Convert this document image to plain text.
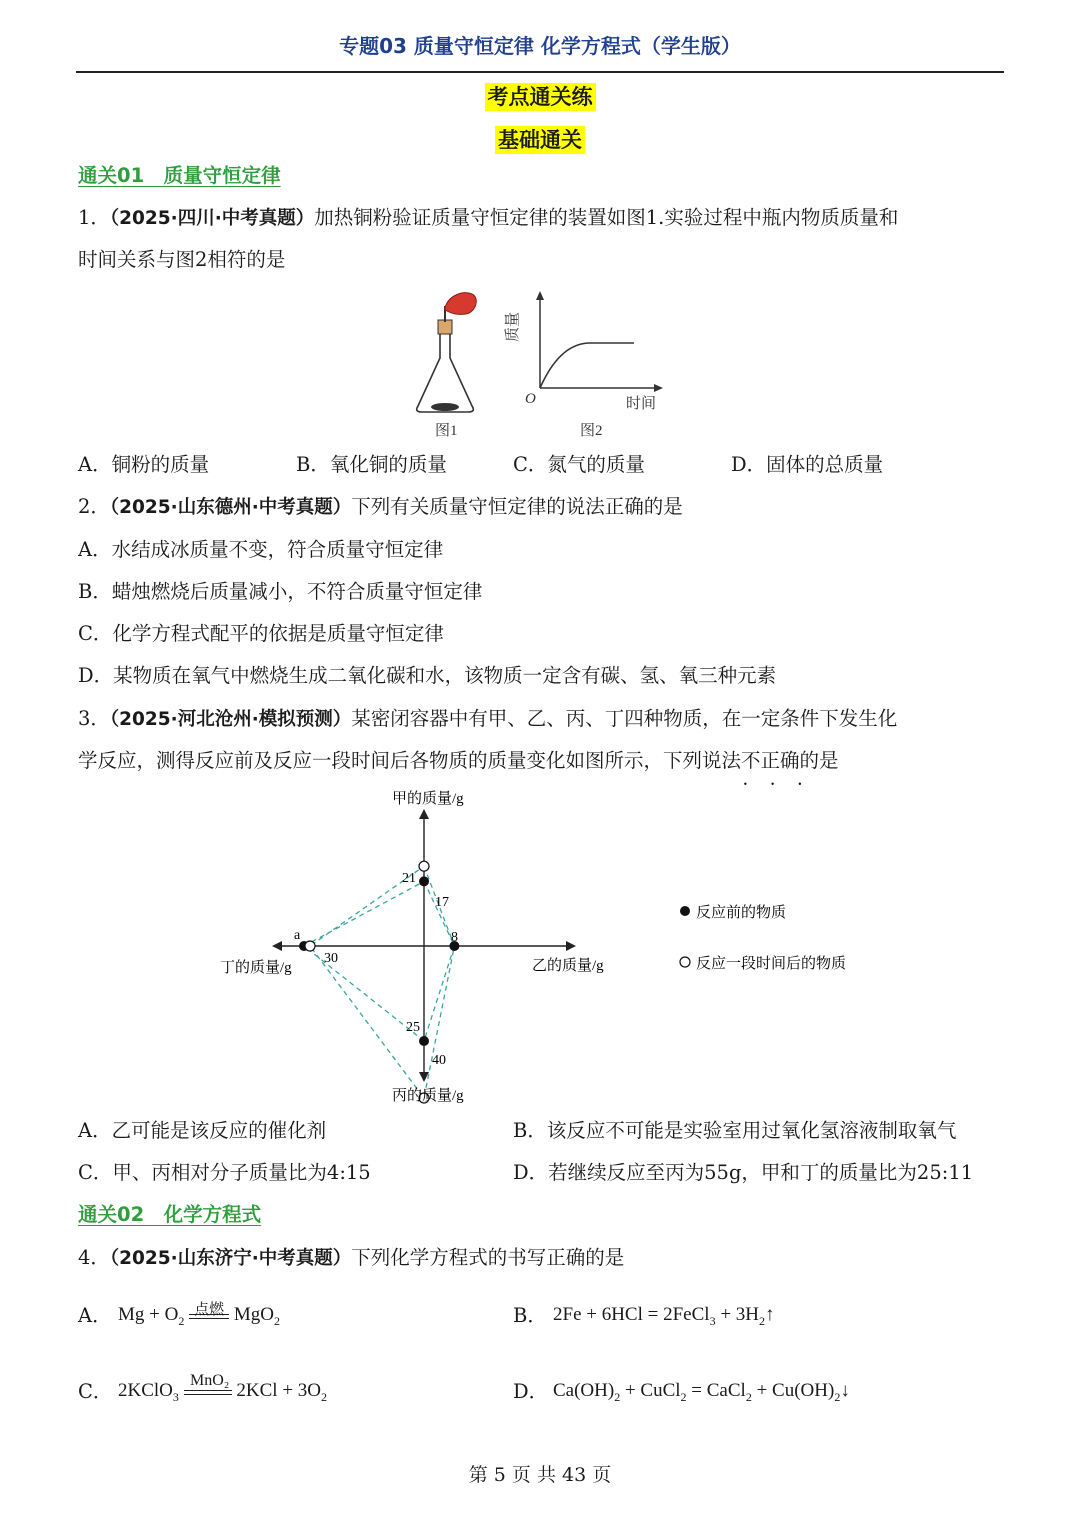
专题03 质量守恒定律 化学方程式（学生版）
考点通关练
基础通关
通关01　质量守恒定律
1．（2025·四川·中考真题）加热铜粉验证质量守恒定律的装置如图1.实验过程中瓶内物质质量和
时间关系与图2相符的是
图1
质量
O	时间
图2
A．铜粉的质量	B．氧化铜的质量	C．氮气的质量	D．固体的总质量
2．（2025·山东德州·中考真题）下列有关质量守恒定律的说法正确的是
A．水结成冰质量不变，符合质量守恒定律
B．蜡烛燃烧后质量减小，不符合质量守恒定律
C．化学方程式配平的依据是质量守恒定律
D．某物质在氧气中燃烧生成二氧化碳和水，该物质一定含有碳、氢、氧三种元素
3．（2025·河北沧州·模拟预测）某密闭容器中有甲、乙、丙、丁四种物质，在一定条件下发生化
学反应，测得反应前及反应一段时间后各物质的质量变化如图所示，下列说法不正确 • • •的是
21
17
8
a
30
25
40
甲的质量/g
乙的质量/g
丙的质量/g
丁的质量/g
反应前的物质
反应一段时间后的物质
A．乙可能是该反应的催化剂	B．该反应不可能是实验室用过氧化氢溶液制取氧气
C．甲、丙相对分子质量比为4:15	D．若继续反应至丙为55g，甲和丁的质量比为25:11
通关02　化学方程式
4．（2025·山东济宁·中考真题）下列化学方程式的书写正确的是
A． $Mg + O_2$
点燃 MgO$_2$	B． 2Fe + 6HCl = 2FeCl$_3$ + $3H_2↑$
C． 2KClO$_3$
MnO₂ $2KCl + 3O_2$	D． $Ca(OH)_2$ + CuCl$_2$ = CaCl$_2$ + $Cu(OH)_2↓$
第 5 页 共 43 页
